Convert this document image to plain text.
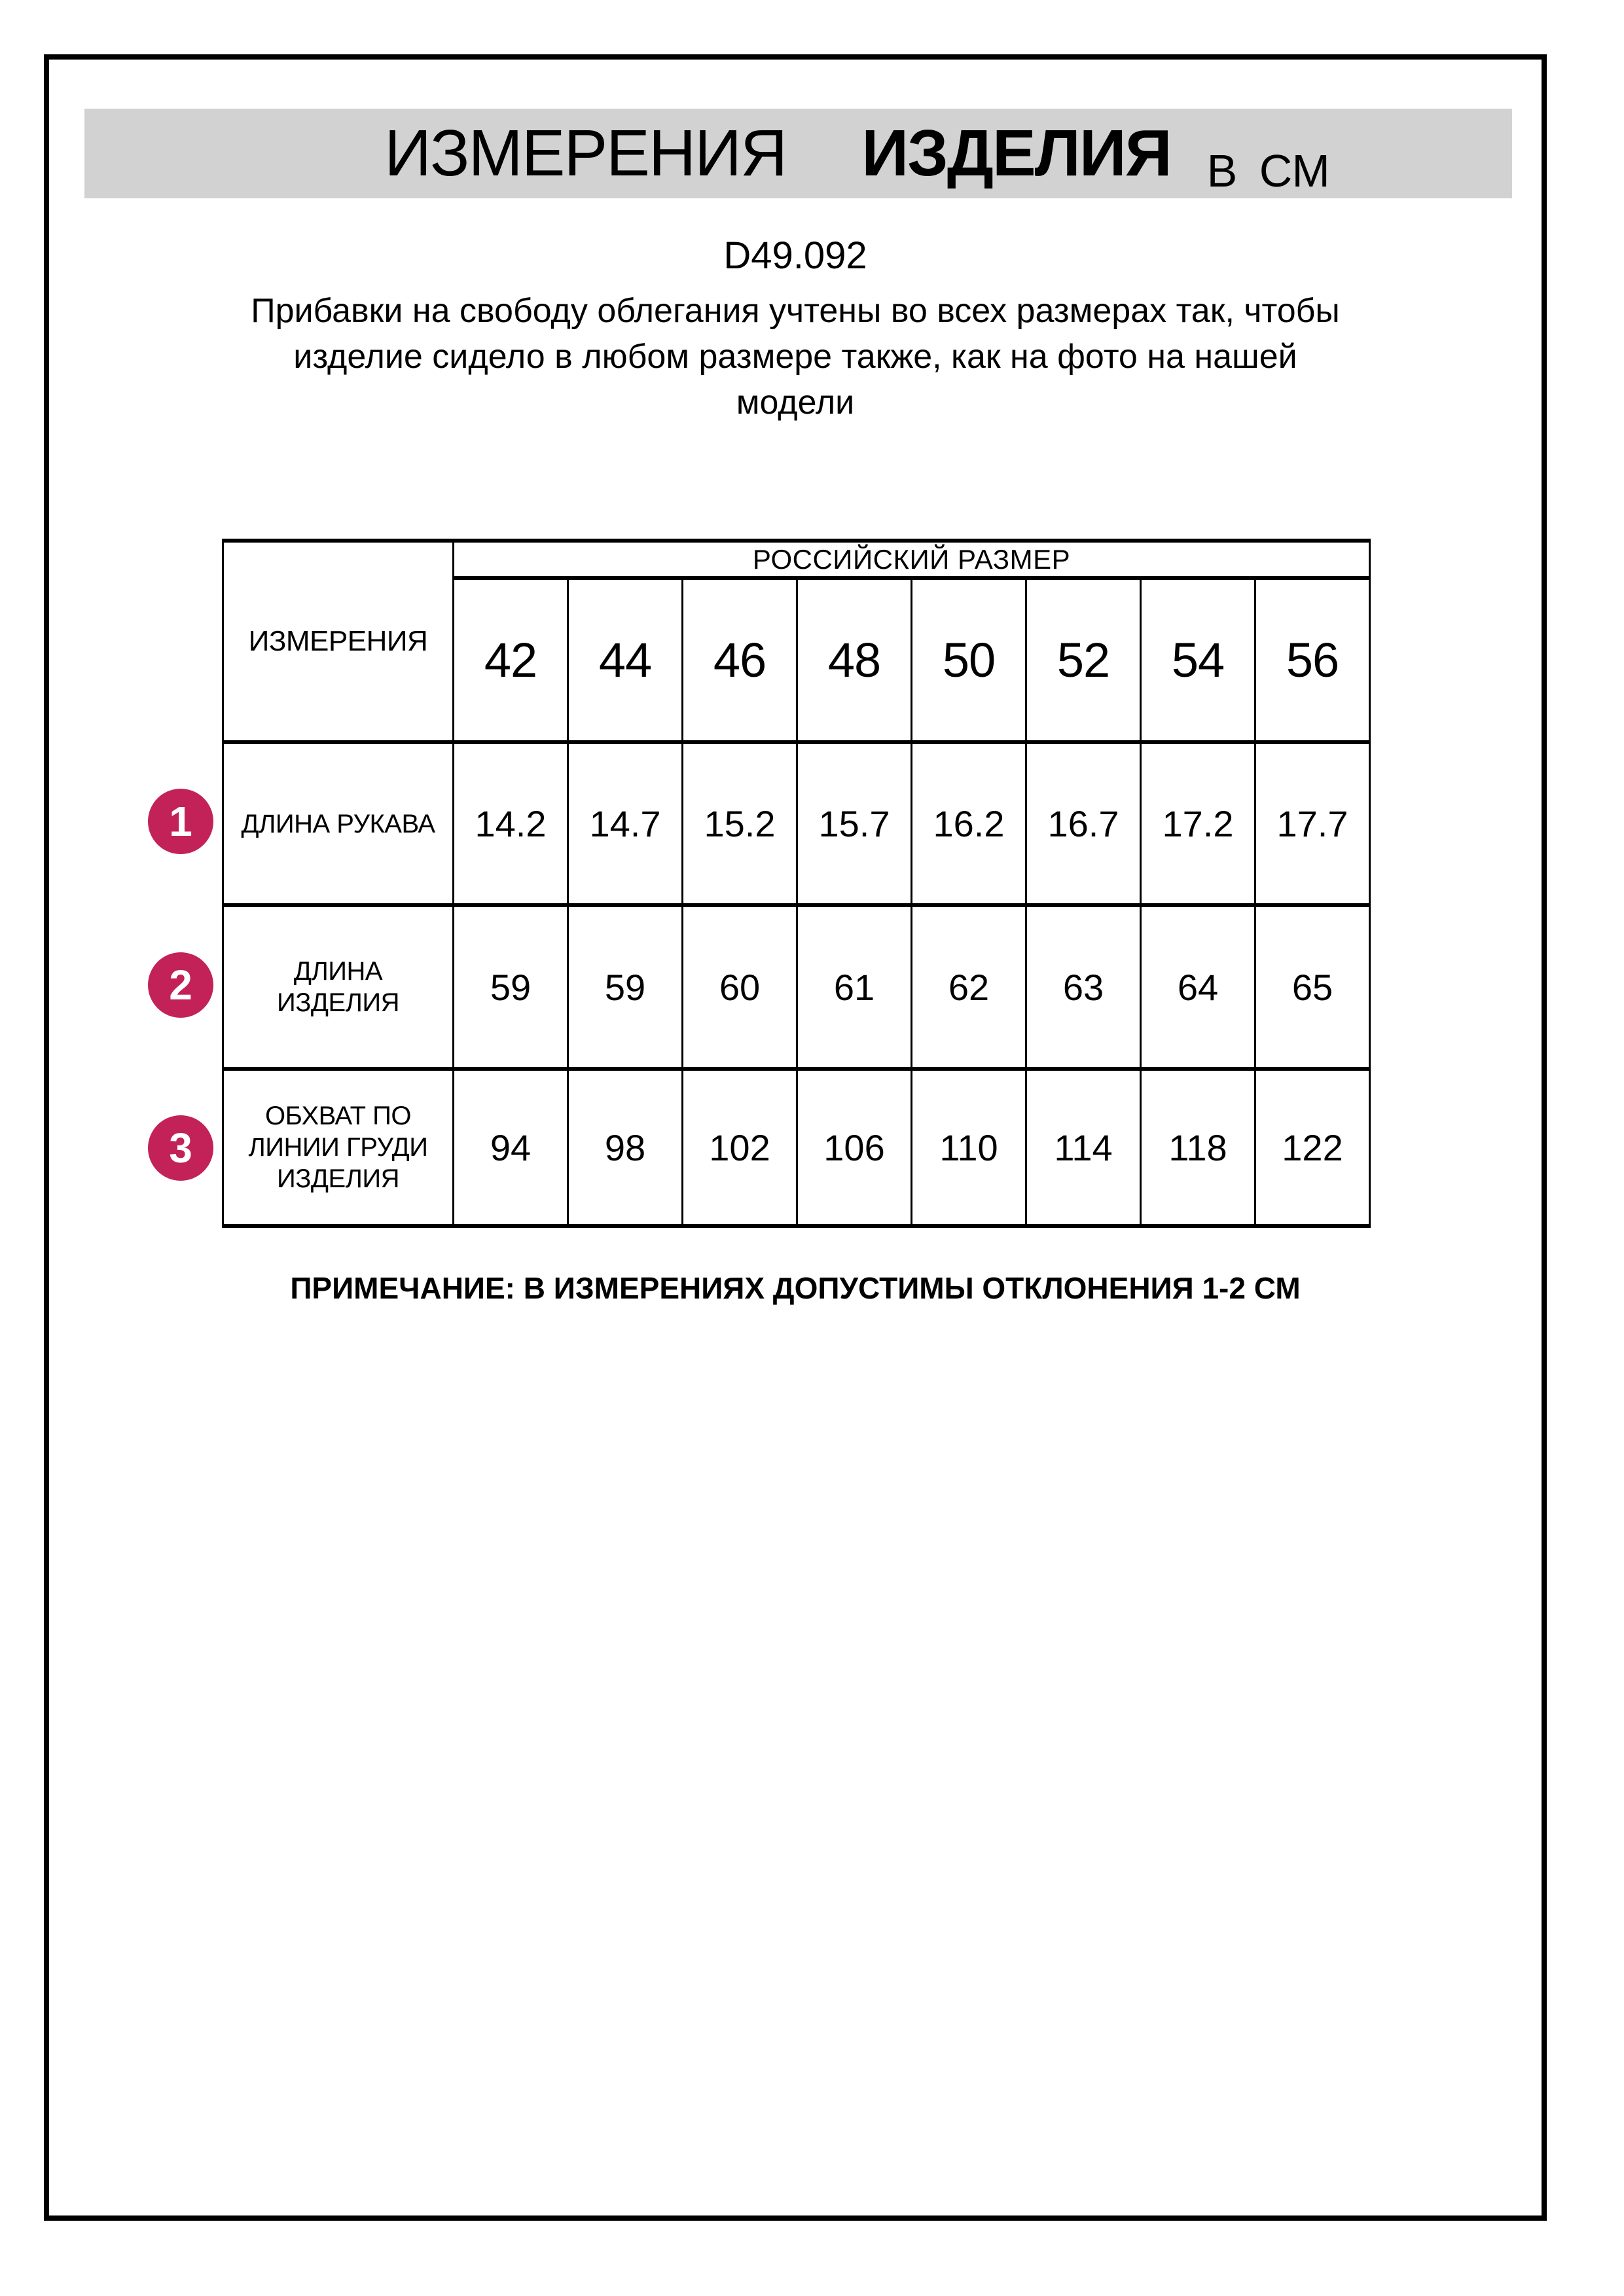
ИЗМЕРЕНИЯ ИЗДЕЛИЯ В СМ
D49.092
Прибавки на свободу облегания учтены во всех размерах так, чтобы
изделие сидело в любом размере также, как на фото на нашей
модели
ИЗМЕРЕНИЯ	РОССИЙСКИЙ РАЗМЕР							
	42	44	46	48	50	52	54	56

ДЛИНА РУКАВА	14.2	14.7	15.2	15.7	16.2	16.7	17.2	17.7

ДЛИНА
ИЗДЕЛИЯ	59	59	60	61	62	63	64	65

ОБХВАТ ПО
ЛИНИИ ГРУДИ
ИЗДЕЛИЯ	94	98	102	106	110	114	118	122
1
2
3
ПРИМЕЧАНИЕ: В ИЗМЕРЕНИЯХ ДОПУСТИМЫ ОТКЛОНЕНИЯ 1-2 СМ
